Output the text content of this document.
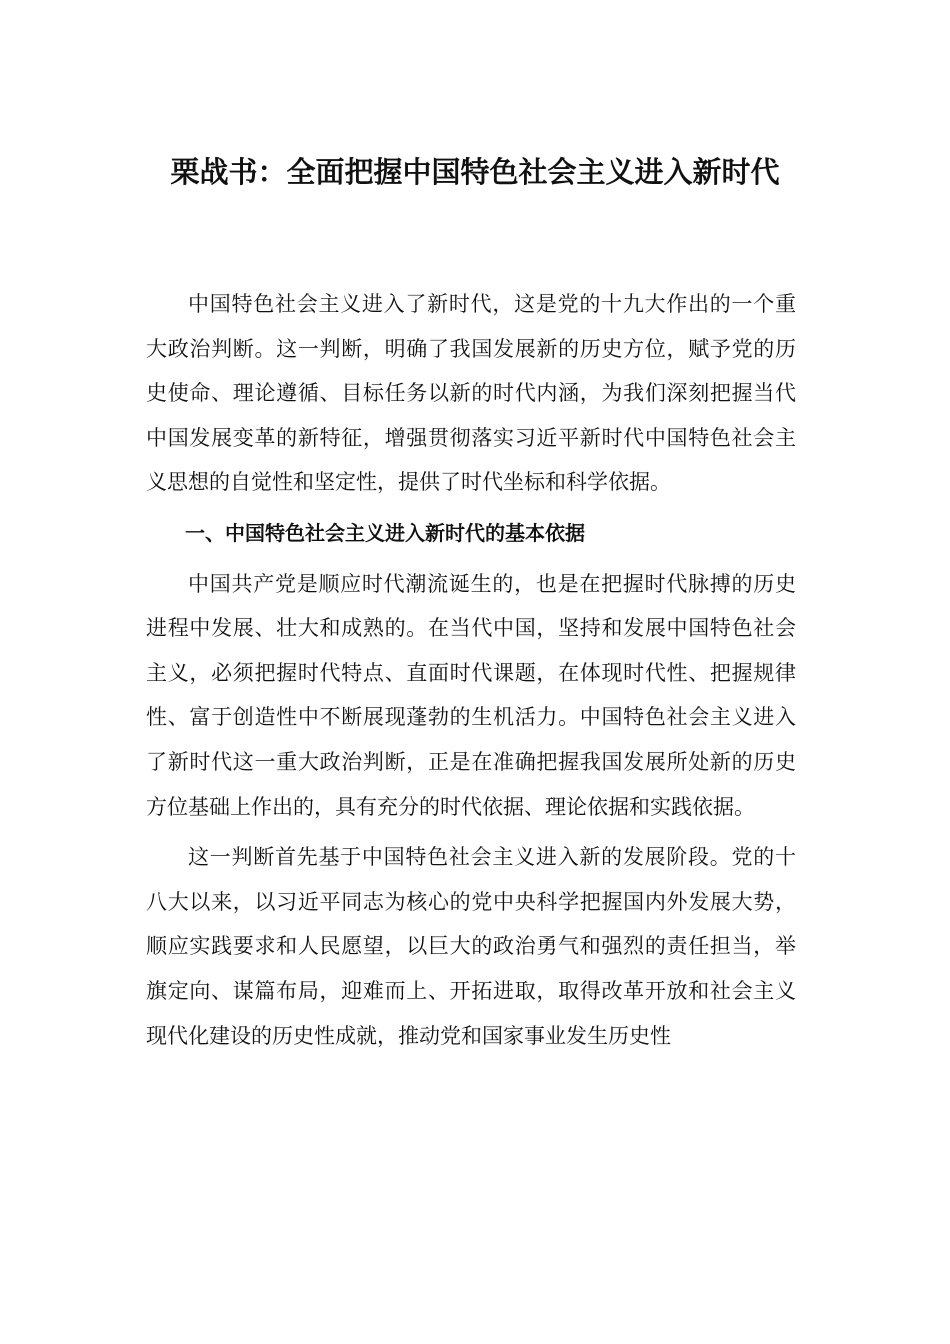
栗战书：全面把握中国特色社会主义进入新时代

中国特色社会主义进入了新时代，这是党的十九大作出的一个重大政治判断。这一判断，明确了我国发展新的历史方位，赋予党的历史使命、理论遵循、目标任务以新的时代内涵，为我们深刻把握当代中国发展变革的新特征，增强贯彻落实习近平新时代中国特色社会主义思想的自觉性和坚定性，提供了时代坐标和科学依据。

一、中国特色社会主义进入新时代的基本依据

中国共产党是顺应时代潮流诞生的，也是在把握时代脉搏的历史进程中发展、壮大和成熟的。在当代中国，坚持和发展中国特色社会主义，必须把握时代特点、直面时代课题，在体现时代性、把握规律性、富于创造性中不断展现蓬勃的生机活力。中国特色社会主义进入了新时代这一重大政治判断，正是在准确把握我国发展所处新的历史方位基础上作出的，具有充分的时代依据、理论依据和实践依据。

这一判断首先基于中国特色社会主义进入新的发展阶段。党的十八大以来，以习近平同志为核心的党中央科学把握国内外发展大势，顺应实践要求和人民愿望，以巨大的政治勇气和强烈的责任担当，举旗定向、谋篇布局，迎难而上、开拓进取，取得改革开放和社会主义现代化建设的历史性成就，推动党和国家事业发生历史性
